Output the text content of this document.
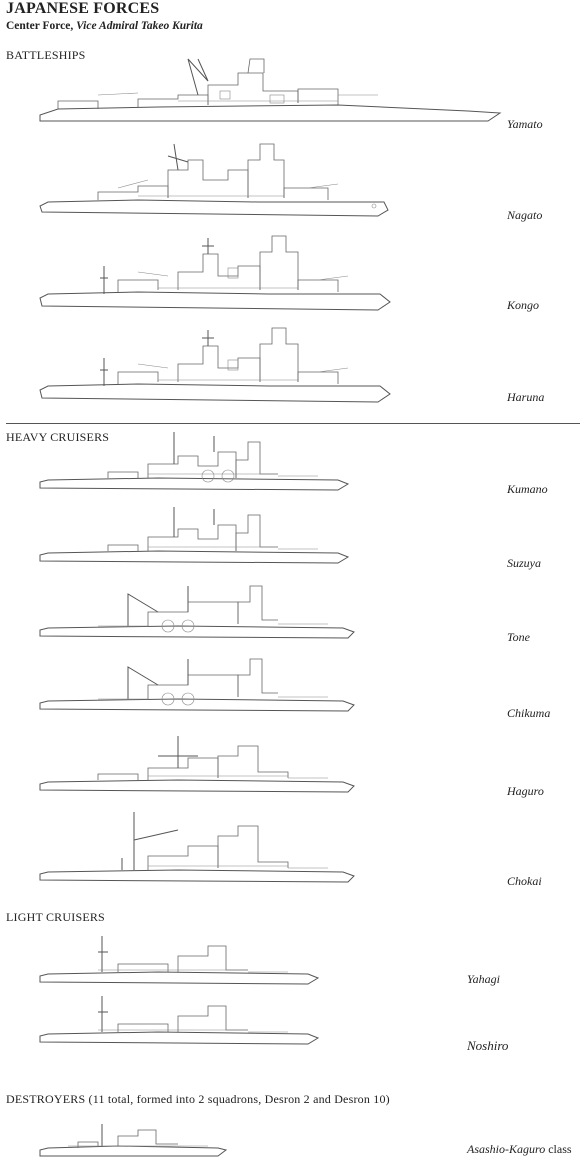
JAPANESE FORCES
Center Force, Vice Admiral Takeo Kurita
BATTLESHIPS
Yamato
Nagato
Kongo
Haruna
HEAVY CRUISERS
Kumano
Suzuya
Tone
Chikuma
Haguro
Chokai
LIGHT CRUISERS
Yahagi
Noshiro
DESTROYERS (11 total, formed into 2 squadrons, Desron 2 and Desron 10)
Asashio-Kaguro class
